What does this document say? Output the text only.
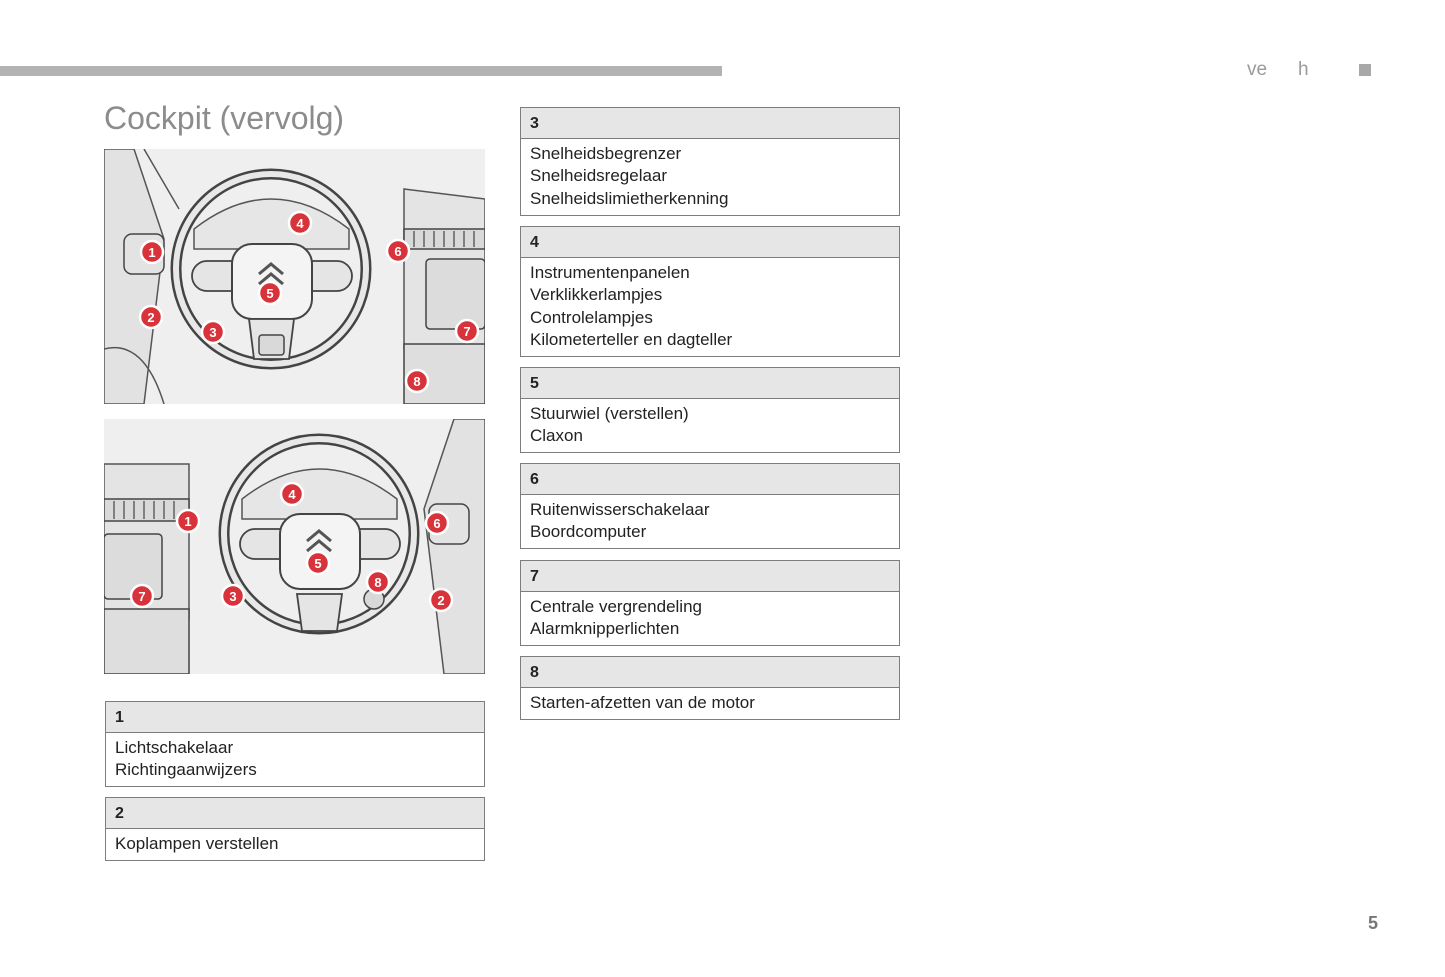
ve h
Cockpit (vervolg)
1
2
3
4
5
6
7
8
1
2
3
4
5
6
7
8
1
Lichtschakelaar
Richtingaanwijzers
2
Koplampen verstellen
3
Snelheidsbegrenzer
Snelheidsregelaar
Snelheidslimietherkenning
4
Instrumentenpanelen
Verklikkerlampjes
Controlelampjes
Kilometerteller en dagteller
5
Stuurwiel (verstellen)
Claxon
6
Ruitenwisserschakelaar
Boordcomputer
7
Centrale vergrendeling
Alarmknipperlichten
8
Starten-afzetten van de motor
5
